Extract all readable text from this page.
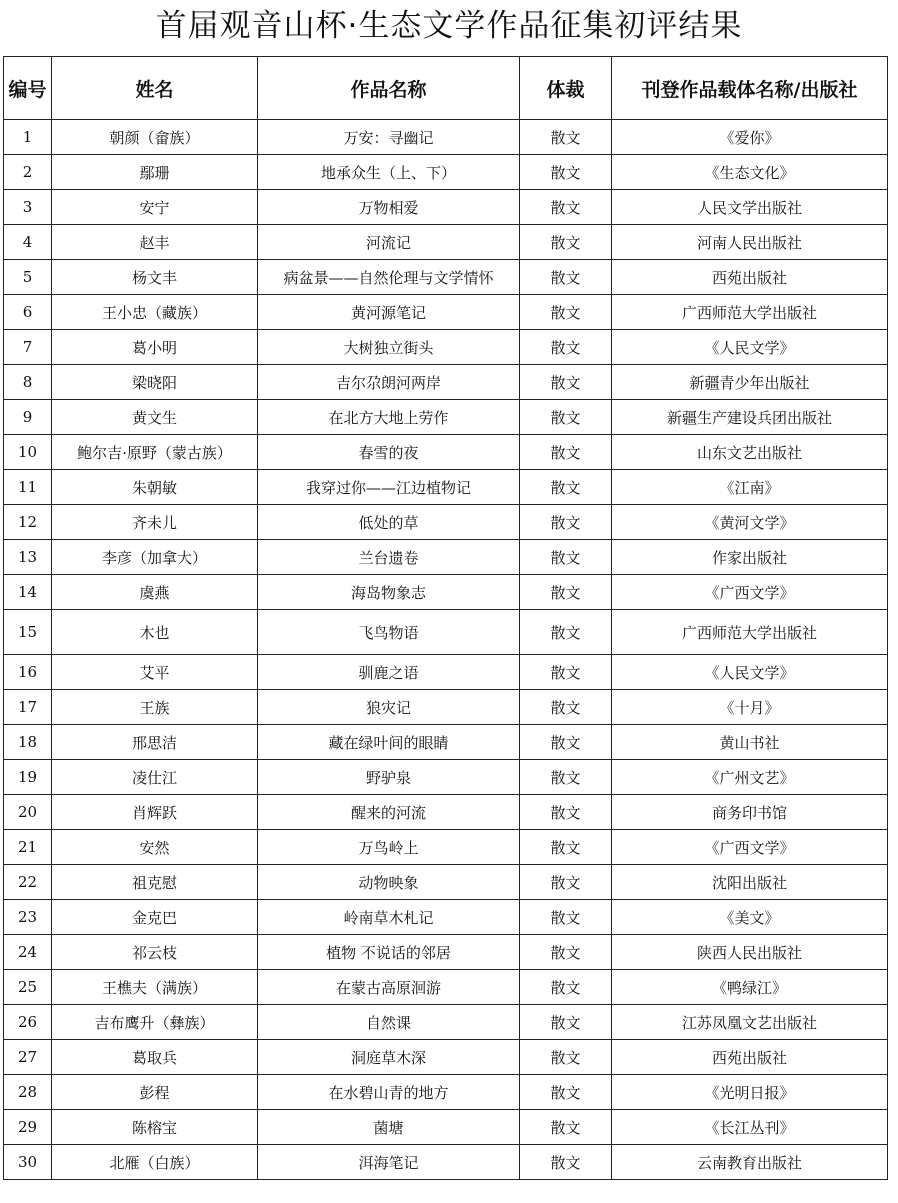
首届观音山杯·生态文学作品征集初评结果
编号	姓名	作品名称	体裁	刊登作品载体名称/出版社
1	朝颜（畲族）	万安：寻幽记	散文	《爱你》
2	鄢珊	地承众生（上、下）	散文	《生态文化》
3	安宁	万物相爱	散文	人民文学出版社
4	赵丰	河流记	散文	河南人民出版社
5	杨文丰	病盆景——自然伦理与文学情怀	散文	西苑出版社
6	王小忠（藏族）	黄河源笔记	散文	广西师范大学出版社
7	葛小明	大树独立街头	散文	《人民文学》
8	梁晓阳	吉尔尕朗河两岸	散文	新疆青少年出版社
9	黄文生	在北方大地上劳作	散文	新疆生产建设兵团出版社
10	鲍尔吉·原野（蒙古族）	春雪的夜	散文	山东文艺出版社
11	朱朝敏	我穿过你——江边植物记	散文	《江南》
12	齐未儿	低处的草	散文	《黄河文学》
13	李彦（加拿大）	兰台遗卷	散文	作家出版社
14	虞燕	海岛物象志	散文	《广西文学》
15	木也	飞鸟物语	散文	广西师范大学出版社
16	艾平	驯鹿之语	散文	《人民文学》
17	王族	狼灾记	散文	《十月》
18	邢思洁	藏在绿叶间的眼睛	散文	黄山书社
19	凌仕江	野驴泉	散文	《广州文艺》
20	肖辉跃	醒来的河流	散文	商务印书馆
21	安然	万鸟岭上	散文	《广西文学》
22	祖克慰	动物映象	散文	沈阳出版社
23	金克巴	岭南草木札记	散文	《美文》
24	祁云枝	植物 不说话的邻居	散文	陕西人民出版社
25	王樵夫（满族）	在蒙古高原洄游	散文	《鸭绿江》
26	吉布鹰升（彝族）	自然课	散文	江苏凤凰文艺出版社
27	葛取兵	洞庭草木深	散文	西苑出版社
28	彭程	在水碧山青的地方	散文	《光明日报》
29	陈榕宝	菌塘	散文	《长江丛刊》
30	北雁（白族）	洱海笔记	散文	云南教育出版社
